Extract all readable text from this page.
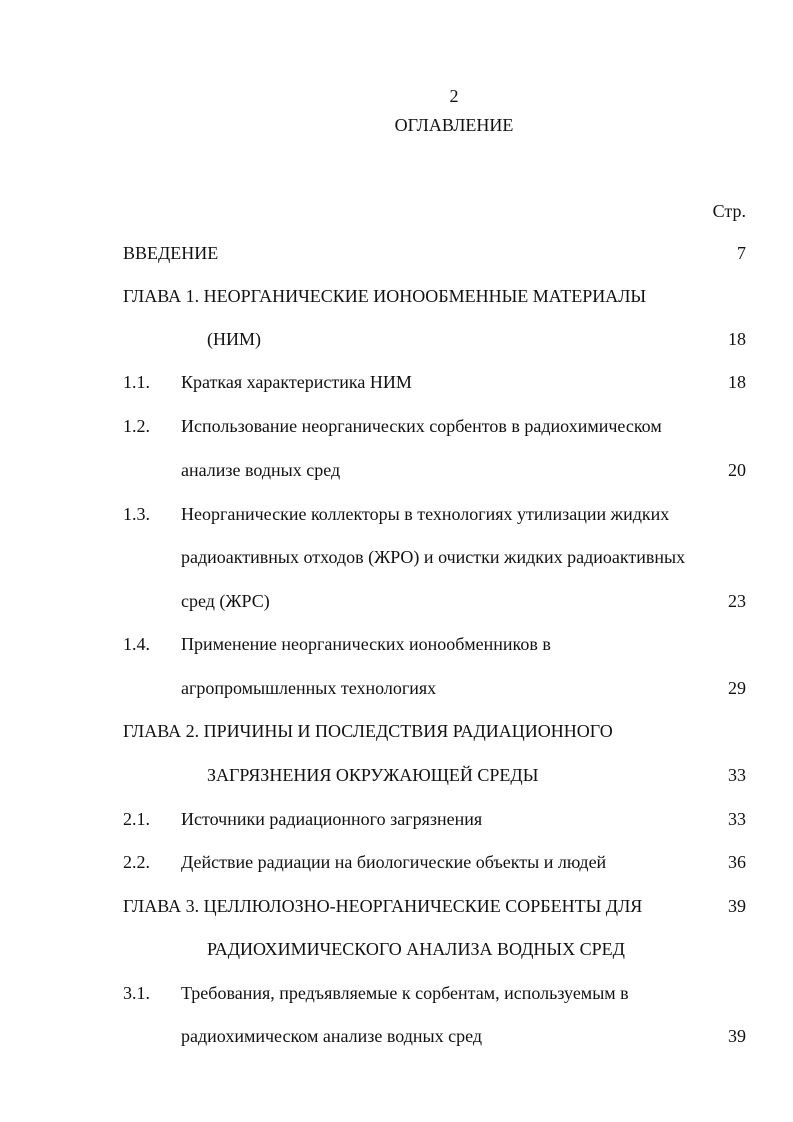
2
ОГЛАВЛЕНИЕ
Стр.
ВВЕДЕНИЕ	7
ГЛАВА 1. НЕОРГАНИЧЕСКИЕ ИОНООБМЕННЫЕ МАТЕРИАЛЫ
(НИМ)	18
1.1. Краткая характеристика НИМ	18
1.2. Использование неорганических сорбентов в радиохимическом
анализе водных сред	20
1.3. Неорганические коллекторы в технологиях утилизации жидких
радиоактивных отходов (ЖРО) и очистки жидких радиоактивных
сред (ЖРС)	23
1.4. Применение неорганических ионообменников в
агропромышленных технологиях	29
ГЛАВА 2. ПРИЧИНЫ И ПОСЛЕДСТВИЯ РАДИАЦИОННОГО
ЗАГРЯЗНЕНИЯ ОКРУЖАЮЩЕЙ СРЕДЫ	33
2.1. Источники радиационного загрязнения	33
2.2. Действие радиации на биологические объекты и людей	36
ГЛАВА 3. ЦЕЛЛЮЛОЗНО-НЕОРГАНИЧЕСКИЕ СОРБЕНТЫ ДЛЯ	39
РАДИОХИМИЧЕСКОГО АНАЛИЗА ВОДНЫХ СРЕД
3.1. Требования, предъявляемые к сорбентам, используемым в
радиохимическом анализе водных сред	39
